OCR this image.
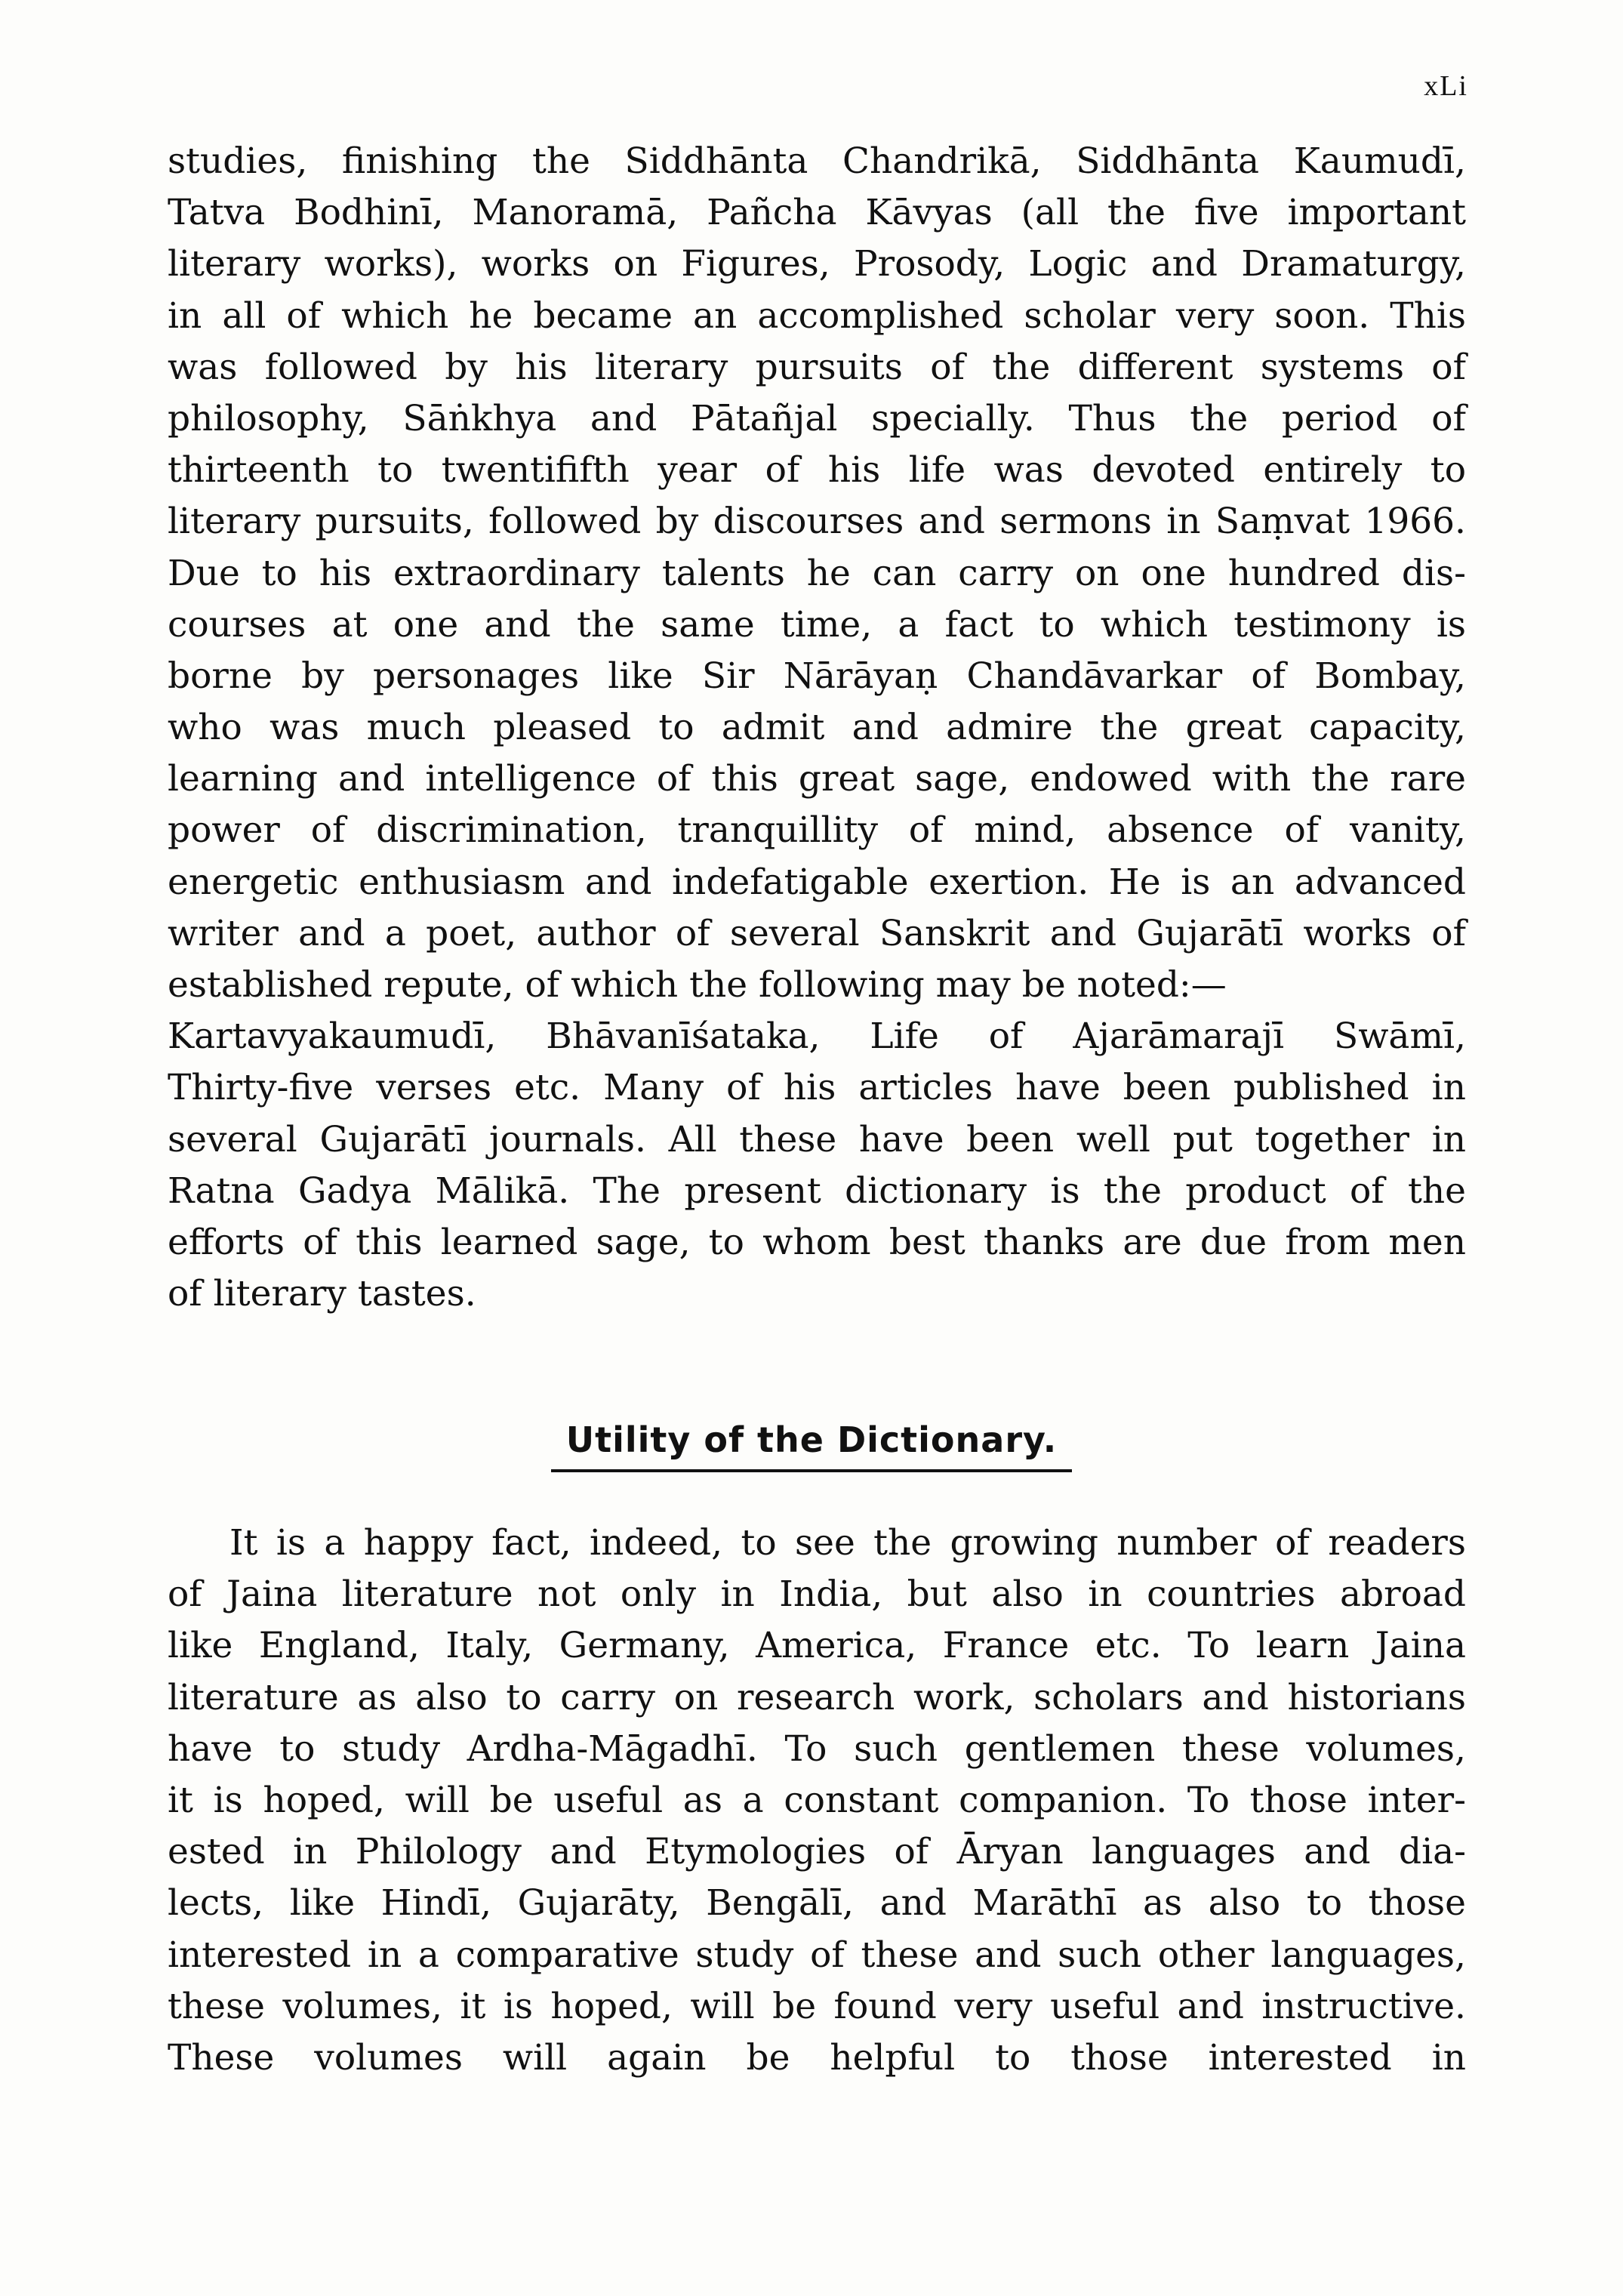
xLi
studies, finishing the Siddhānta Chandrikā, Siddhānta Kaumudī,
Tatva Bodhinī, Manoramā, Pañcha Kāvyas (all the five important
literary works), works on Figures, Prosody, Logic and Dramaturgy,
in all of which he became an accomplished scholar very soon. This
was followed by his literary pursuits of the different systems of
philosophy, Sāṅkhya and Pātañjal specially. Thus the period of
thirteenth to twentififth year of his life was devoted entirely to
literary pursuits, followed by discourses and sermons in Saṃvat 1966.
Due to his extraordinary talents he can carry on one hundred dis-
courses at one and the same time, a fact to which testimony is
borne by personages like Sir Nārāyaṇ Chandāvarkar of Bombay,
who was much pleased to admit and admire the great capacity,
learning and intelligence of this great sage, endowed with the rare
power of discrimination, tranquillity of mind, absence of vanity,
energetic enthusiasm and indefatigable exertion. He is an advanced
writer and a poet, author of several Sanskrit and Gujarātī works of
established repute, of which the following may be noted:—
Kartavyakaumudī, Bhāvanīśataka, Life of Ajarāmarajī Swāmī,
Thirty-five verses etc. Many of his articles have been published in
several Gujarātī journals. All these have been well put together in
Ratna Gadya Mālikā. The present dictionary is the product of the
efforts of this learned sage, to whom best thanks are due from men
of literary tastes.
Utility of the Dictionary.
It is a happy fact, indeed, to see the growing number of readers
of Jaina literature not only in India, but also in countries abroad
like England, Italy, Germany, America, France etc. To learn Jaina
literature as also to carry on research work, scholars and historians
have to study Ardha-Māgadhī. To such gentlemen these volumes,
it is hoped, will be useful as a constant companion. To those inter-
ested in Philology and Etymologies of Āryan languages and dia-
lects, like Hindī, Gujarāty, Bengālī, and Marāthī as also to those
interested in a comparative study of these and such other languages,
these volumes, it is hoped, will be found very useful and instructive.
These volumes will again be helpful to those interested in
